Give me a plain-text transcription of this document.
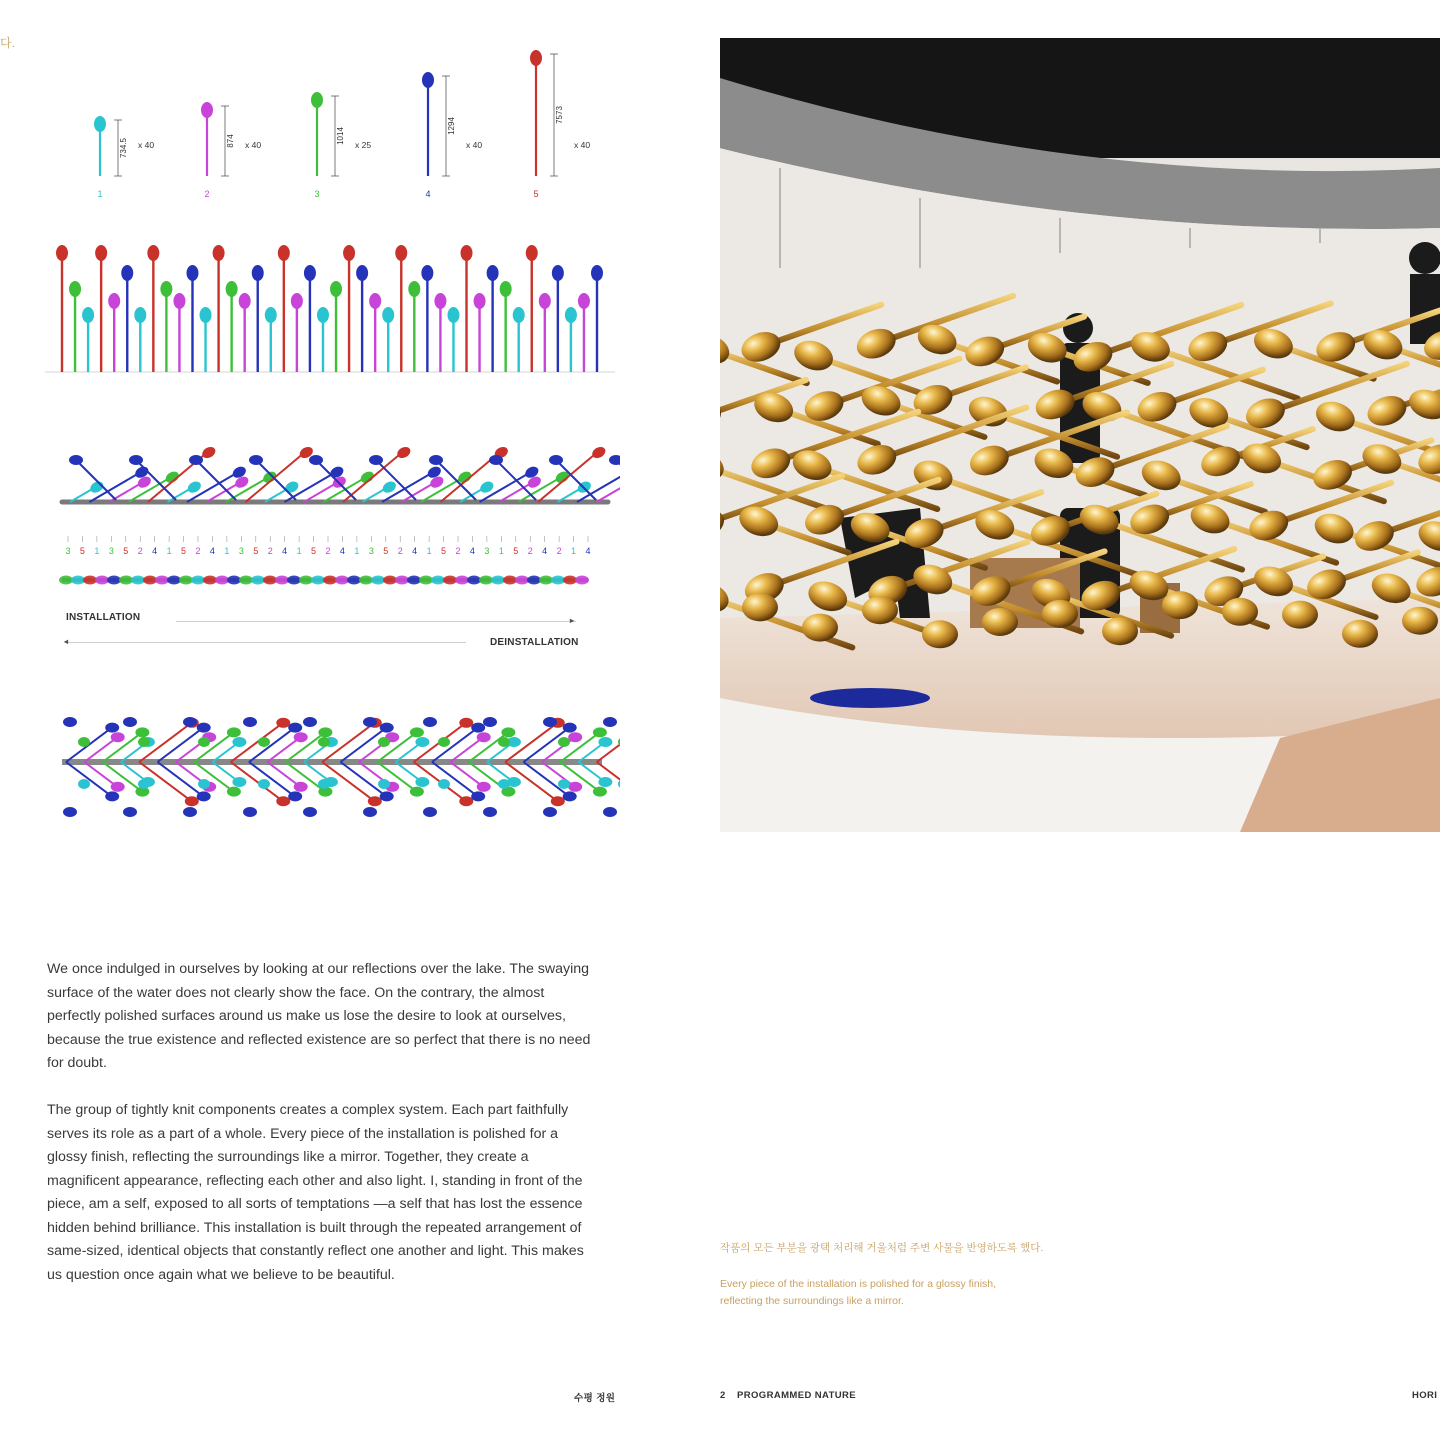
다.
734.5 x 40
1
874 x 40
2
1014
x 25
3
1294
x 40
4
7573
x 40
5
3 5 1 3 5 2 4 1 5 2 4 1 3 5 2 4 1 5 2 4 1 3 5 2 4 1 5 2 4 3 1 5 2 4 2 1 4
INSTALLATION	▸
◂	DEINSTALLATION

We once indulged in ourselves by looking at our reflections over the lake. The swaying surface of the water does not clearly show the face. On the contrary, the almost perfectly polished surfaces around us make us lose the desire to look at ourselves, because the true existence and reflected existence are so perfect that there is no need for doubt.

The group of tightly knit components creates a complex system. Each part faithfully serves its role as a part of a whole. Every piece of the installation is polished for a glossy finish, reflecting the surroundings like a mirror. Together, they create a magnificent appearance, reflecting each other and also light. I, standing in front of the piece, am a self, exposed to all sorts of temptations —a self that has lost the essence hidden behind brilliance. This installation is built through the repeated arrangement of same-sized, identical objects that constantly reflect one another and light. This makes us question once again what we believe to be beautiful.

작품의 모든 부분을 광택 처리해 거울처럼 주변 사물을 반영하도록 했다.
Every piece of the installation is polished for a glossy finish,
reflecting the surroundings like a mirror.
수평 정원	2 PROGRAMMED NATURE	HORI
